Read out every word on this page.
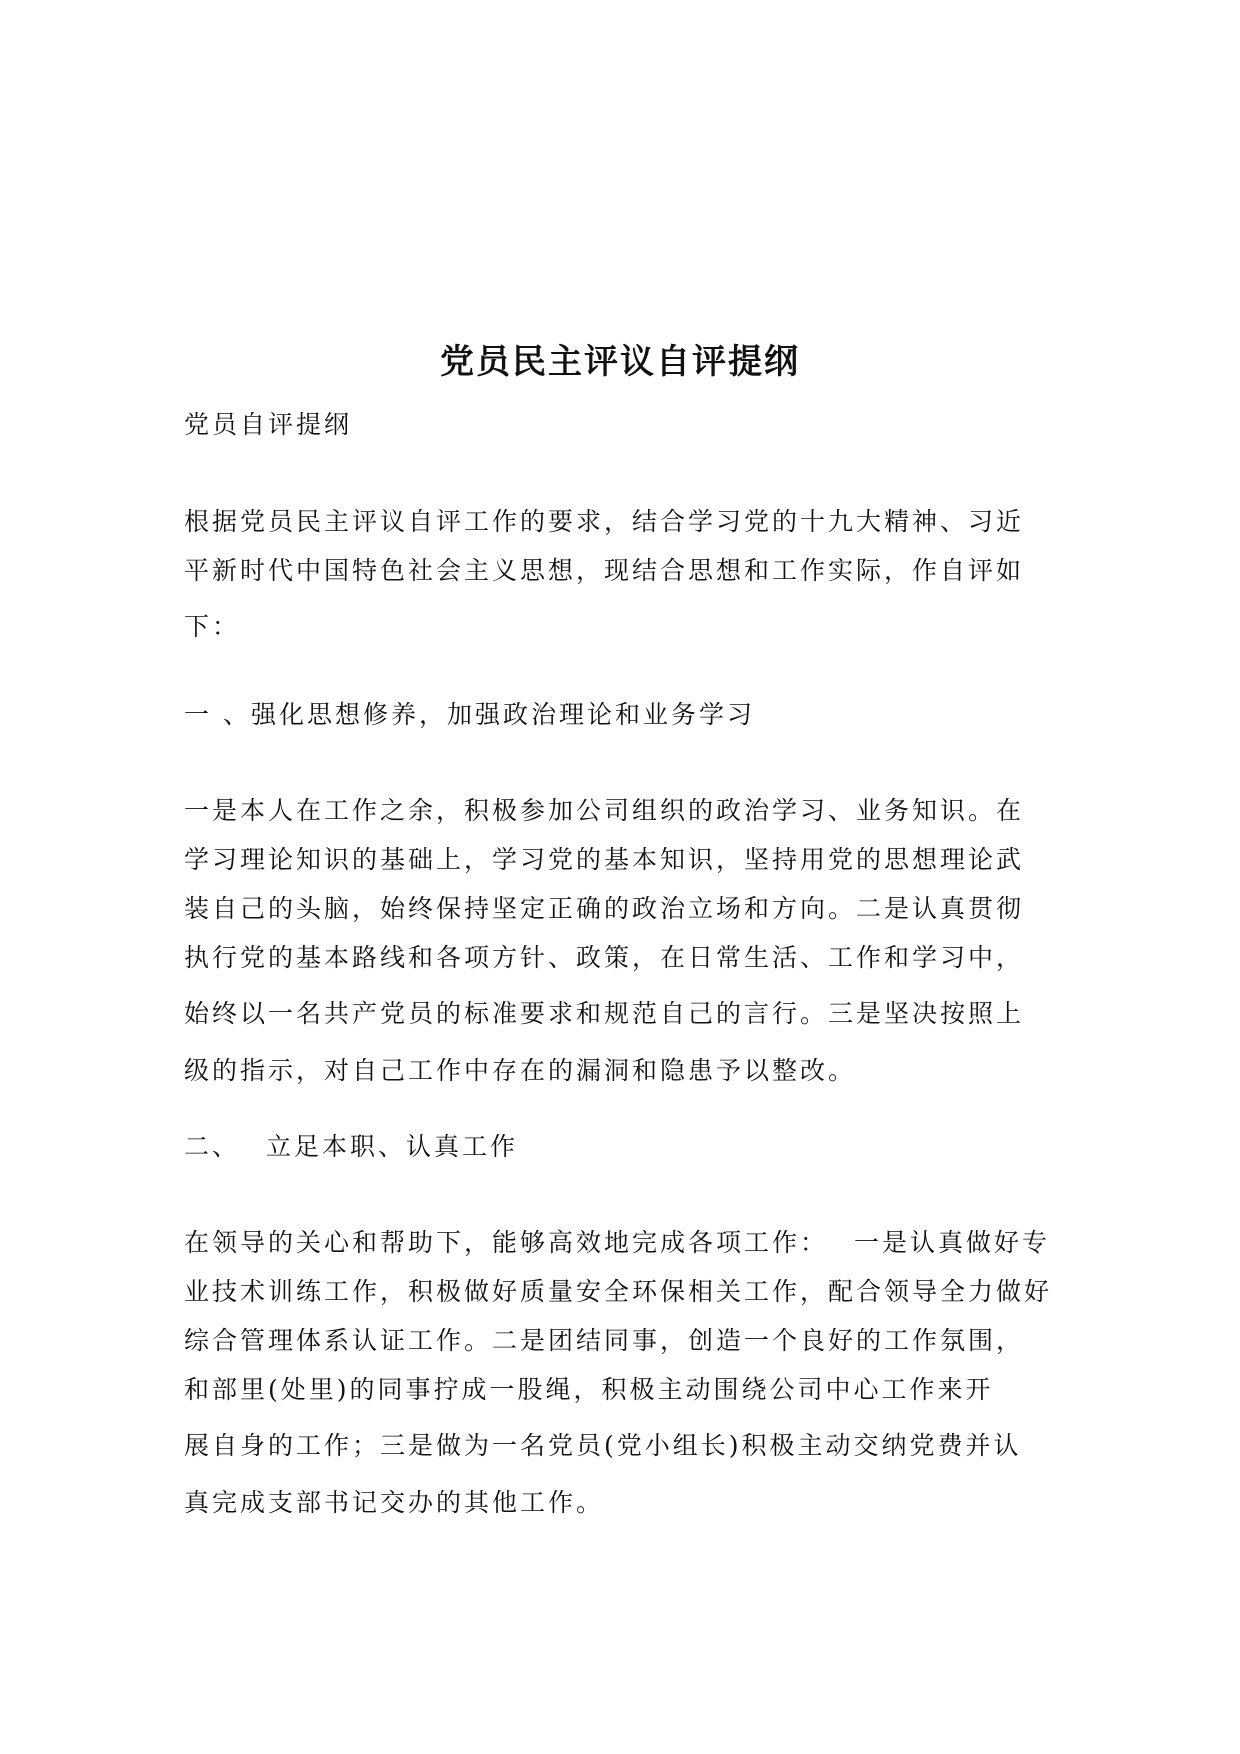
党员民主评议自评提纲

党员自评提纲

根据党员民主评议自评工作的要求，结合学习党的十九大精神、习近
平新时代中国特色社会主义思想，现结合思想和工作实际，作自评如
下：

一 、强化思想修养，加强政治理论和业务学习

一是本人在工作之余，积极参加公司组织的政治学习、业务知识。在
学习理论知识的基础上，学习党的基本知识，坚持用党的思想理论武
装自己的头脑，始终保持坚定正确的政治立场和方向。二是认真贯彻
执行党的基本路线和各项方针、政策，在日常生活、工作和学习中，
始终以一名共产党员的标准要求和规范自己的言行。三是坚决按照上
级的指示，对自己工作中存在的漏洞和隐患予以整改。

二、 立足本职、认真工作

在领导的关心和帮助下，能够高效地完成各项工作： 一是认真做好专
业技术训练工作，积极做好质量安全环保相关工作，配合领导全力做好
综合管理体系认证工作。二是团结同事，创造一个良好的工作氛围，
和部里(处里)的同事拧成一股绳，积极主动围绕公司中心工作来开
展自身的工作；三是做为一名党员(党小组长)积极主动交纳党费并认
真完成支部书记交办的其他工作。
